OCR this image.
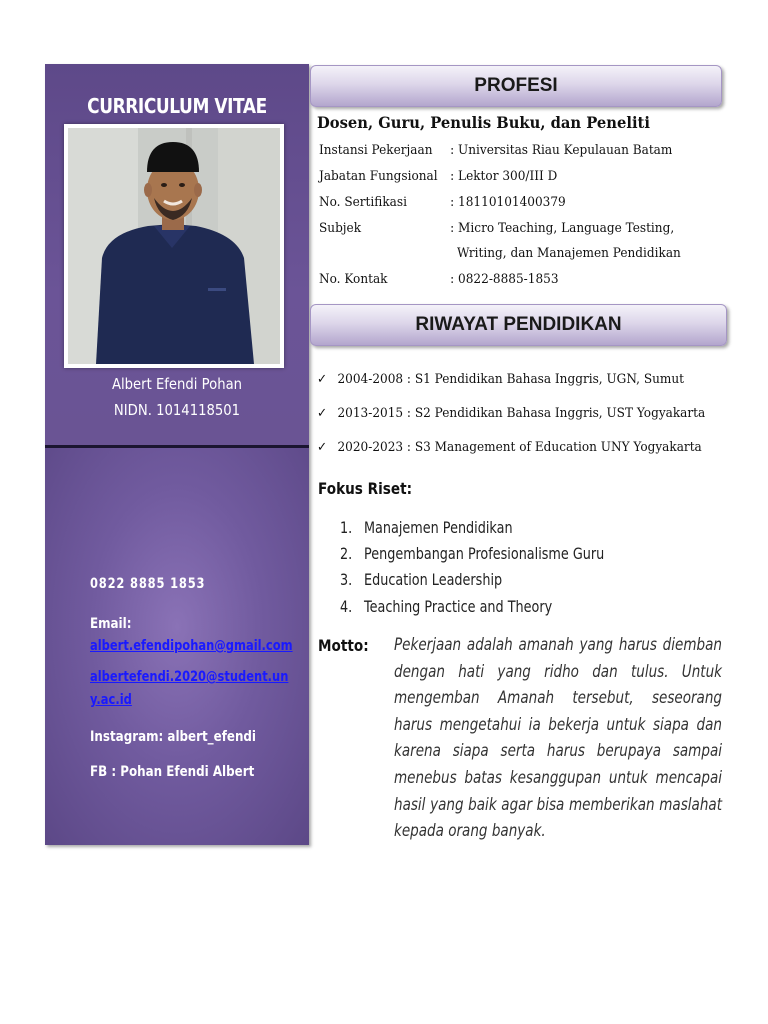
CURRICULUM VITAE
Albert Efendi Pohan
NIDN. 1014118501
0822 8885 1853
Email:
albert.efendipohan@gmail.com
albertefendi.2020@student.un
y.ac.id
Instagram: albert_efendi
FB : Pohan Efendi Albert
PROFESI
Dosen, Guru, Penulis Buku, dan Peneliti
Instansi Pekerjaan : Universitas Riau Kepulauan Batam
Jabatan Fungsional : Lektor 300/III D
No. Sertifikasi	: 18110101400379
Subjek	: Micro Teaching, Language Testing,
Writing, dan Manajemen Pendidikan
No. Kontak	: 0822-8885-1853
RIWAYAT PENDIDIKAN
✓ 2004-2008 : S1 Pendidikan Bahasa Inggris, UGN, Sumut
✓ 2013-2015 : S2 Pendidikan Bahasa Inggris, UST Yogyakarta
✓ 2020-2023 : S3 Management of Education UNY Yogyakarta
Fokus Riset:
1. Manajemen Pendidikan
2. Pengembangan Profesionalisme Guru
3. Education Leadership
4. Teaching Practice and Theory
Motto: Pekerjaan adalah amanah yang harus diemban dengan hati yang ridho dan tulus. Untuk mengemban Amanah tersebut, seseorang harus mengetahui ia bekerja untuk siapa dan karena siapa serta harus berupaya sampai menebus batas kesanggupan untuk mencapai hasil yang baik agar bisa memberikan maslahat kepada orang banyak.
